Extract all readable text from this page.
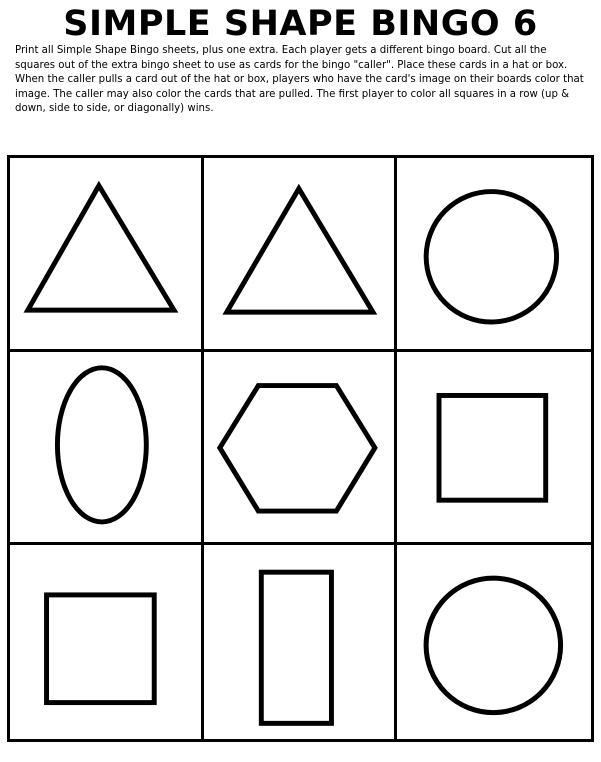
SIMPLE SHAPE BINGO 6

Print all Simple Shape Bingo sheets, plus one extra. Each player gets a different bingo board. Cut all the squares out of the extra bingo sheet to use as cards for the bingo "caller". Place these cards in a hat or box. When the caller pulls a card out of the hat or box, players who have the card's image on their boards color that image. The caller may also color the cards that are pulled. The first player to color all squares in a row (up & down, side to side, or diagonally) wins.
